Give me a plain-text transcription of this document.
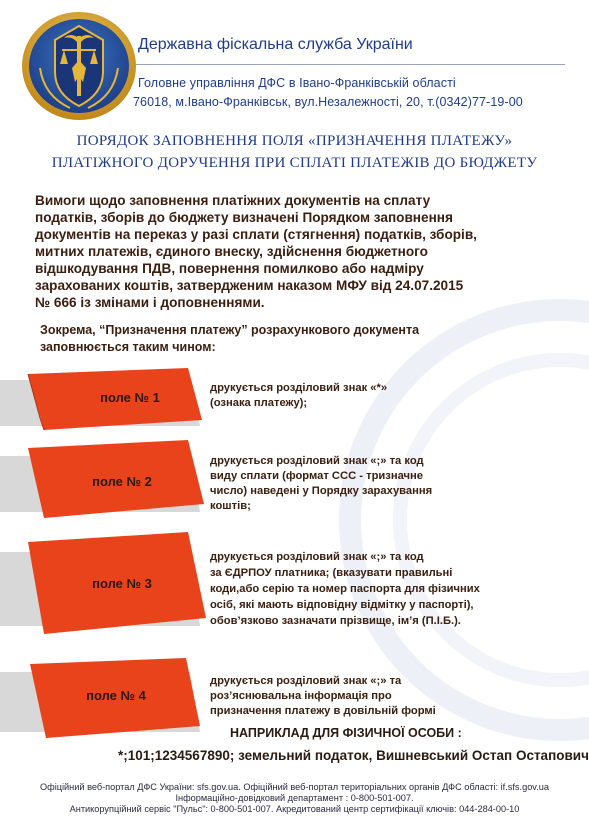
Державна фіскальна служба України
Головне управління ДФС в Івано-Франківській області
76018, м.Івано-Франківськ, вул.Незалежності, 20, т.(0342)77-19-00
ПОРЯДОК ЗАПОВНЕННЯ ПОЛЯ «ПРИЗНАЧЕННЯ ПЛАТЕЖУ»
ПЛАТІЖНОГО ДОРУЧЕННЯ ПРИ СПЛАТІ ПЛАТЕЖІВ ДО БЮДЖЕТУ
Вимоги щодо заповнення платіжних документів на сплату
податків, зборів до бюджету визначені Порядком заповнення
документів на переказ у разі сплати (стягнення) податків, зборів,
митних платежів, єдиного внеску, здійснення бюджетного
відшкодування ПДВ, повернення помилково або надміру
зарахованих коштів, затвердженим наказом МФУ від 24.07.2015
№ 666 із змінами і доповненнями.
Зокрема, “Призначення платежу” розрахункового документа
заповнюється таким чином:
поле № 1
друкується розділовий знак «*»
(ознака платежу);
поле № 2
друкується розділовий знак «;» та код
виду сплати (формат ССС - тризначне
число) наведені у Порядку зарахування
коштів;
поле № 3
друкується розділовий знак «;» та код
за ЄДРПОУ платника; (вказувати правильні
коди,або серію та номер паспорта для фізичних
осіб, які мають відповідну відмітку у паспорті),
обов’язково зазначати прізвище, ім’я (П.І.Б.).
поле № 4
друкується розділовий знак «;» та
роз’яснювальна інформація про
призначення платежу в довільній формі
НАПРИКЛАД ДЛЯ ФІЗИЧНОЇ ОСОБИ :
*;101;1234567890; земельний податок, Вишневський Остап Остапович
Офіційний веб-портал ДФС України: sfs.gov.ua. Офіційний веб-портал територіальних органів ДФС області: if.sfs.gov.ua
Інформаційно-довідковий департамент : 0-800-501-007.
Антикорупційний сервіс "Пульс": 0-800-501-007. Акредитований центр сертифікації ключів: 044-284-00-10
